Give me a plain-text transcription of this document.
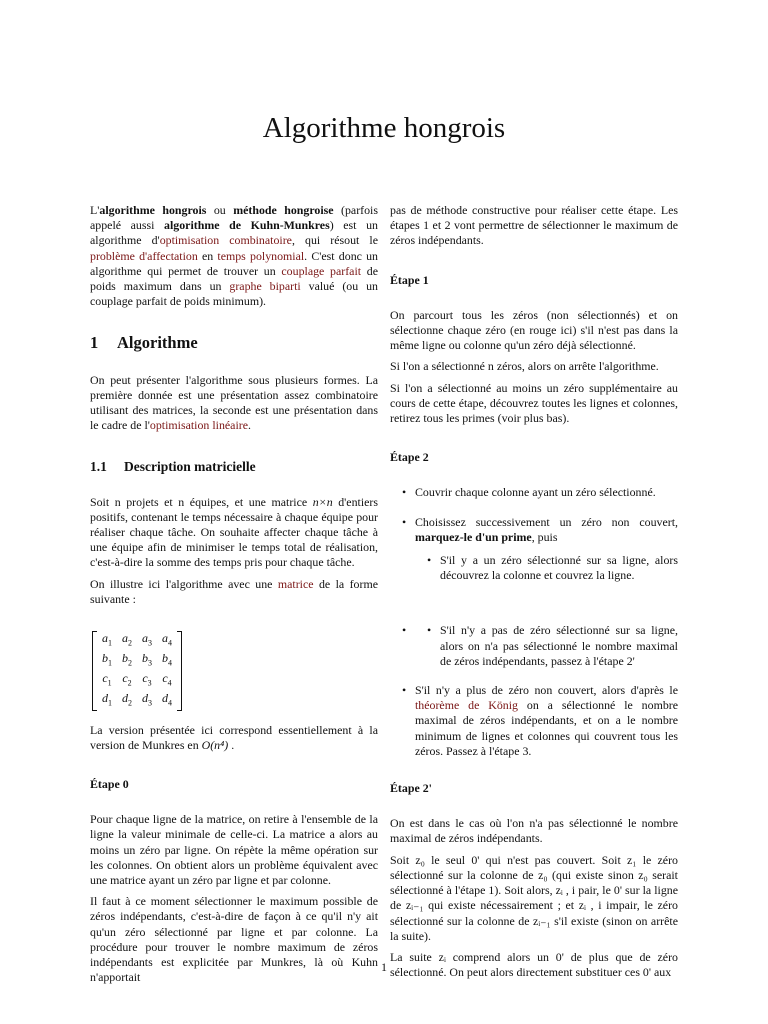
Algorithme hongrois

L'algorithme hongrois ou méthode hongroise (parfois appelé aussi algorithme de Kuhn-Munkres) est un algorithme d'optimisation combinatoire, qui résout le problème d'affectation en temps polynomial. C'est donc un algorithme qui permet de trouver un couplage parfait de poids maximum dans un graphe biparti valué (ou un couplage parfait de poids minimum).

1 Algorithme

On peut présenter l'algorithme sous plusieurs formes. La première donnée est une présentation assez combinatoire utilisant des matrices, la seconde est une présentation dans le cadre de l'optimisation linéaire.

1.1 Description matricielle

Soit n projets et n équipes, et une matrice n×n d'entiers positifs, contenant le temps nécessaire à chaque équipe pour réaliser chaque tâche. On souhaite affecter chaque tâche à une équipe afin de minimiser le temps total de réalisation, c'est-à-dire la somme des temps pris pour chaque tâche.

On illustre ici l'algorithme avec une matrice de la forme suivante :

$a_1$	$a_2$	$a_3$	$a_4$
$b_1$	$b_2$	$b_3$	$b_4$
$c_1$	$c_2$	$c_3$	$c_4$
$d_1$	$d_2$	$d_3$	$d_4$

La version présentée ici correspond essentiellement à la version de Munkres en O(n⁴) .

Étape 0

Pour chaque ligne de la matrice, on retire à l'ensemble de la ligne la valeur minimale de celle-ci. La matrice a alors au moins un zéro par ligne. On répète la même opération sur les colonnes. On obtient alors un problème équivalent avec une matrice ayant un zéro par ligne et par colonne.

Il faut à ce moment sélectionner le maximum possible de zéros indépendants, c'est-à-dire de façon à ce qu'il n'y ait qu'un zéro sélectionné par ligne et par colonne. La procédure pour trouver le nombre maximum de zéros indépendants est explicitée par Munkres, là où Kuhn n'apportait

pas de méthode constructive pour réaliser cette étape. Les étapes 1 et 2 vont permettre de sélectionner le maximum de zéros indépendants.

Étape 1

On parcourt tous les zéros (non sélectionnés) et on sélectionne chaque zéro (en rouge ici) s'il n'est pas dans la même ligne ou colonne qu'un zéro déjà sélectionné.

Si l'on a sélectionné n zéros, alors on arrête l'algorithme.

Si l'on a sélectionné au moins un zéro supplémentaire au cours de cette étape, découvrez toutes les lignes et colonnes, retirez tous les primes (voir plus bas).

Étape 2
• Couvrir chaque colonne ayant un zéro sélectionné.
• Choisissez successivement un zéro non couvert, marquez-le d'un prime, puis
• S'il y a un zéro sélectionné sur sa ligne, alors découvrez la colonne et couvrez la ligne.
• • S'il n'y a pas de zéro sélectionné sur sa ligne, alors on n'a pas sélectionné le nombre maximal de zéros indépendants, passez à l'étape 2'
• S'il n'y a plus de zéro non couvert, alors d'après le théorème de König on a sélectionné le nombre maximal de zéros indépendants, et on a le nombre minimum de lignes et colonnes qui couvrent tous les zéros. Passez à l'étape 3.
Étape 2'

On est dans le cas où l'on n'a pas sélectionné le nombre maximal de zéros indépendants.

Soit z₀ le seul 0' qui n'est pas couvert. Soit z₁ le zéro sélectionné sur la colonne de z₀ (qui existe sinon z₀ serait sélectionné à l'étape 1). Soit alors, zᵢ , i pair, le 0' sur la ligne de zᵢ₋₁ qui existe nécessairement ; et zᵢ , i impair, le zéro sélectionné sur la colonne de zᵢ₋₁ s'il existe (sinon on arrête la suite).

La suite zᵢ comprend alors un 0' de plus que de zéro sélectionné. On peut alors directement substituer ces 0' aux

1
